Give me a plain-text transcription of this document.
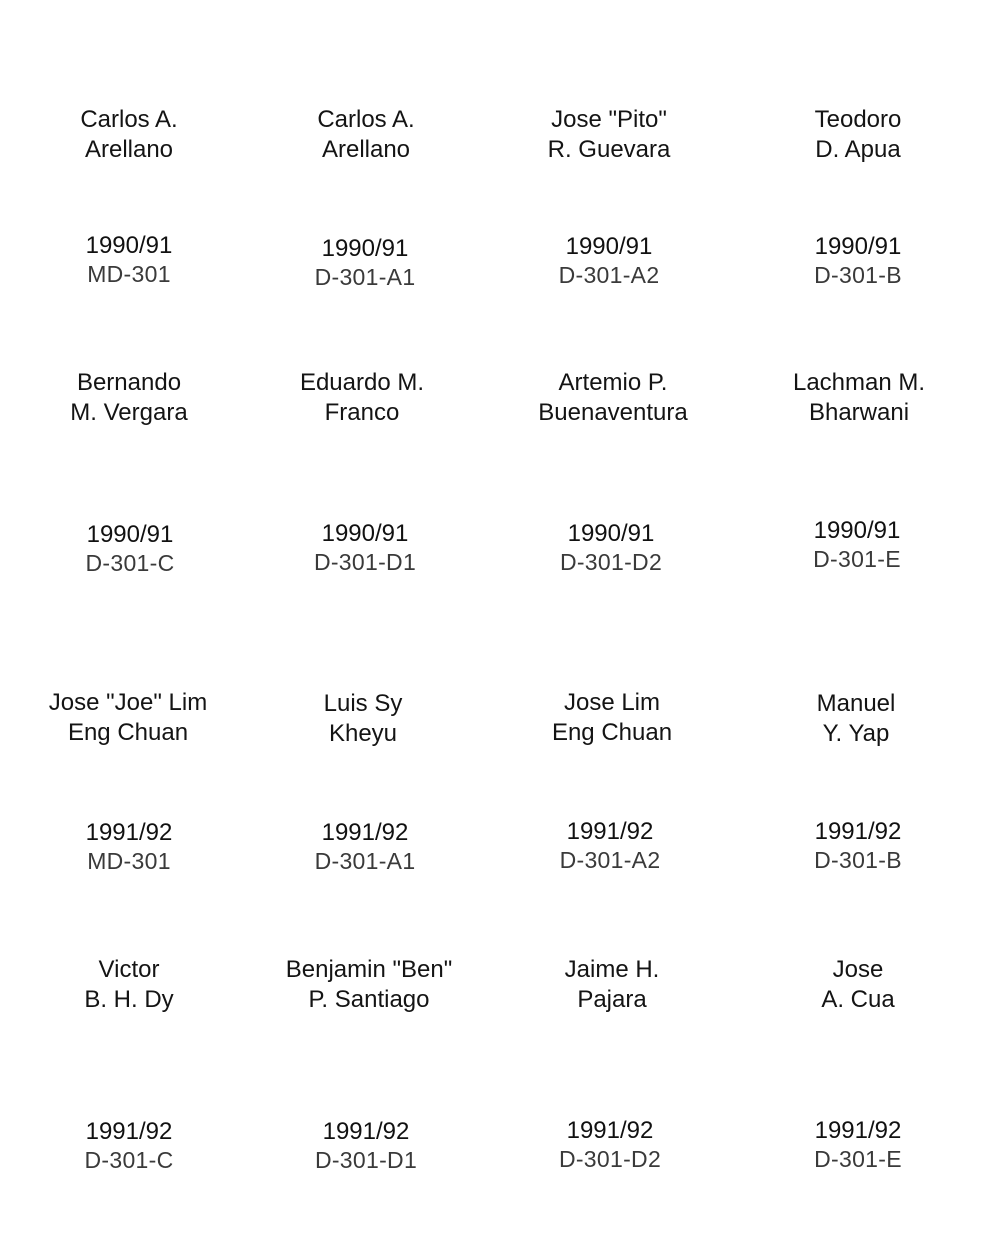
Carlos A.
Arellano
1990/91
MD-301
Carlos A.
Arellano
1990/91
D-301-A1
Jose "Pito"
R. Guevara
1990/91
D-301-A2
Teodoro
D. Apua
1990/91
D-301-B
Bernando
M. Vergara
1990/91
D-301-C
Eduardo M.
Franco
1990/91
D-301-D1
Artemio P.
Buenaventura
1990/91
D-301-D2
Lachman M.
Bharwani
1990/91
D-301-E
Jose "Joe" Lim
Eng Chuan
1991/92
MD-301
Luis Sy
Kheyu
1991/92
D-301-A1
Jose Lim
Eng Chuan
1991/92
D-301-A2
Manuel
Y. Yap
1991/92
D-301-B
Victor
B. H. Dy
1991/92
D-301-C
Benjamin "Ben"
P. Santiago
1991/92
D-301-D1
Jaime H.
Pajara
1991/92
D-301-D2
Jose
A. Cua
1991/92
D-301-E
